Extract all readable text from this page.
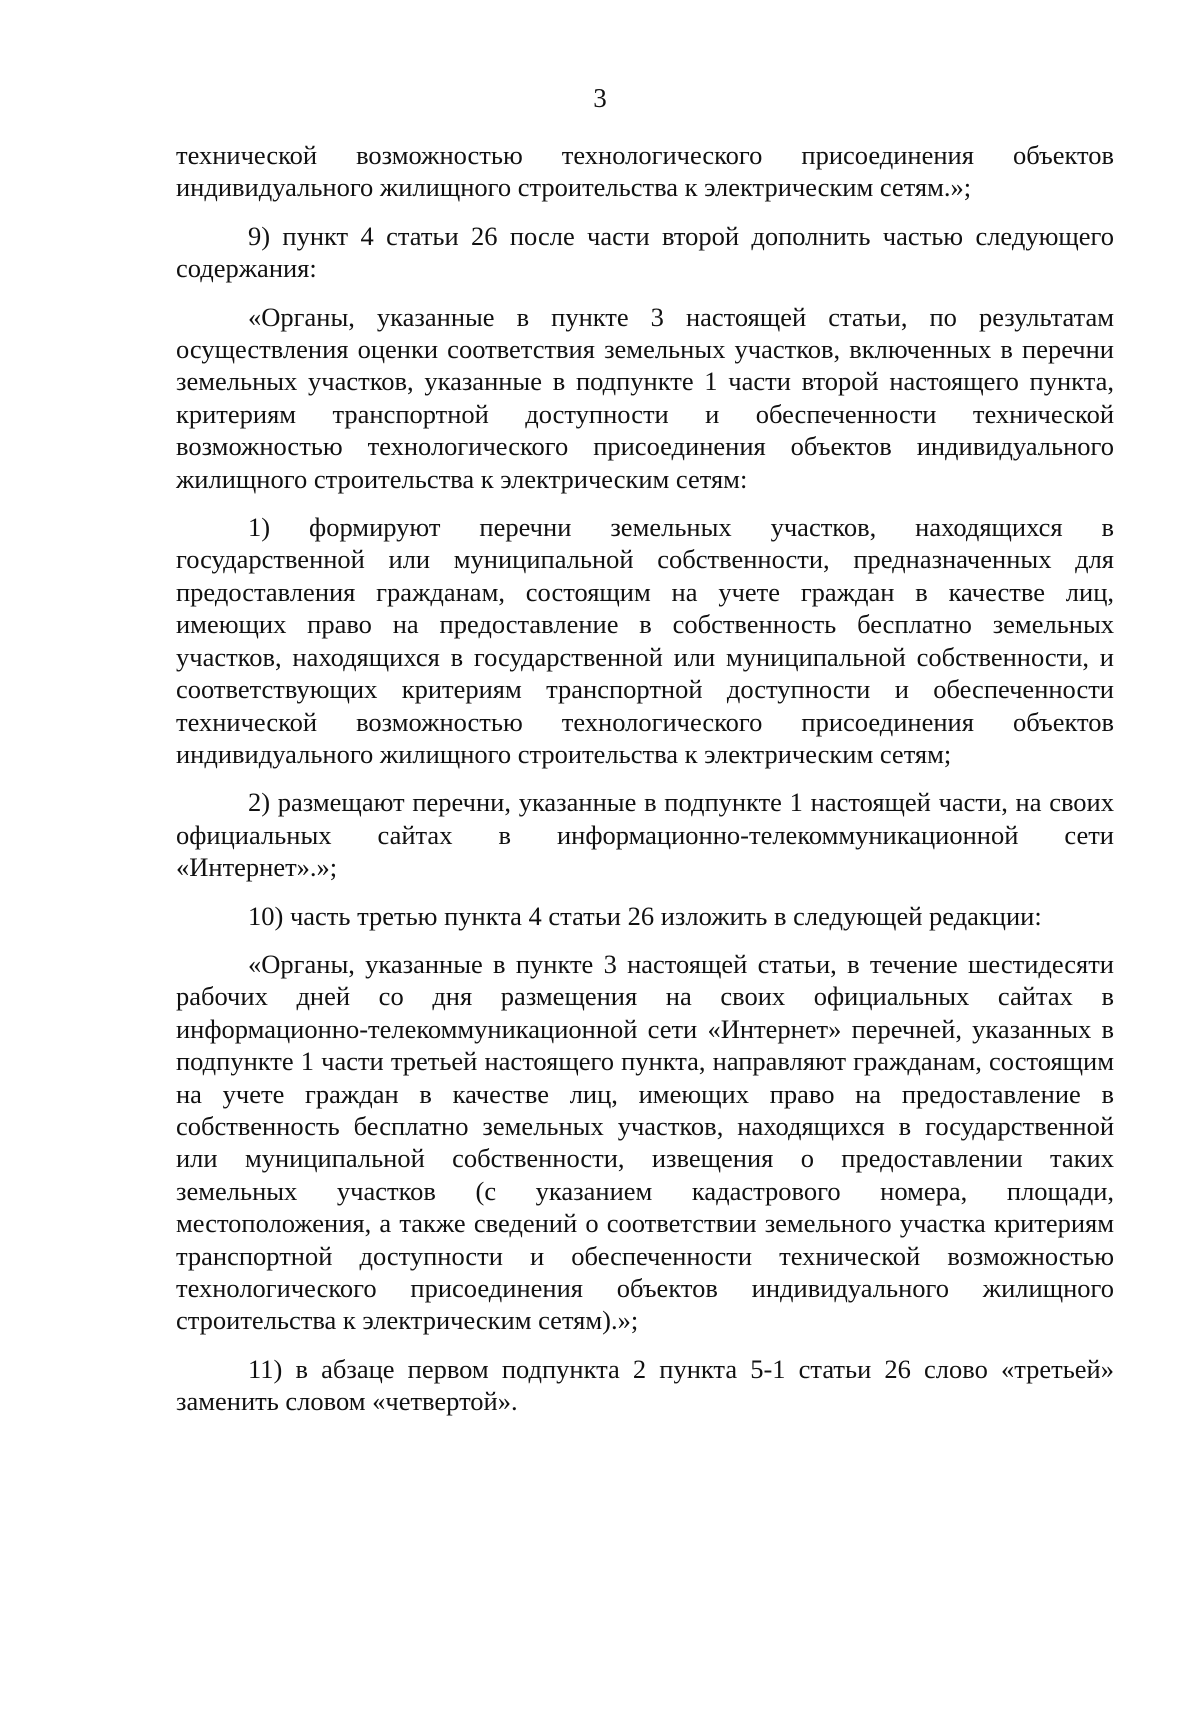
3

технической возможностью технологического присоединения объектов индивидуального жилищного строительства к электрическим сетям.»;

9) пункт 4 статьи 26 после части второй дополнить частью следующего содержания:

«Органы, указанные в пункте 3 настоящей статьи, по результатам осуществления оценки соответствия земельных участков, включенных в перечни земельных участков, указанные в подпункте 1 части второй настоящего пункта, критериям транспортной доступности и обеспеченности технической возможностью технологического присоединения объектов индивидуального жилищного строительства к электрическим сетям:

1) формируют перечни земельных участков, находящихся в государственной или муниципальной собственности, предназначенных для предоставления гражданам, состоящим на учете граждан в качестве лиц, имеющих право на предоставление в собственность бесплатно земельных участков, находящихся в государственной или муниципальной собственности, и соответствующих критериям транспортной доступности и обеспеченности технической возможностью технологического присоединения объектов индивидуального жилищного строительства к электрическим сетям;

2) размещают перечни, указанные в подпункте 1 настоящей части, на своих официальных сайтах в информационно-телекоммуникационной сети «Интернет».»;

10) часть третью пункта 4 статьи 26 изложить в следующей редакции:

«Органы, указанные в пункте 3 настоящей статьи, в течение шестидесяти рабочих дней со дня размещения на своих официальных сайтах в информационно-телекоммуникационной сети «Интернет» перечней, указанных в подпункте 1 части третьей настоящего пункта, направляют гражданам, состоящим на учете граждан в качестве лиц, имеющих право на предоставление в собственность бесплатно земельных участков, находящихся в государственной или муниципальной собственности, извещения о предоставлении таких земельных участков (с указанием кадастрового номера, площади, местоположения, а также сведений о соответствии земельного участка критериям транспортной доступности и обеспеченности технической возможностью технологического присоединения объектов индивидуального жилищного строительства к электрическим сетям).»;

11) в абзаце первом подпункта 2 пункта 5-1 статьи 26 слово «третьей» заменить словом «четвертой».
